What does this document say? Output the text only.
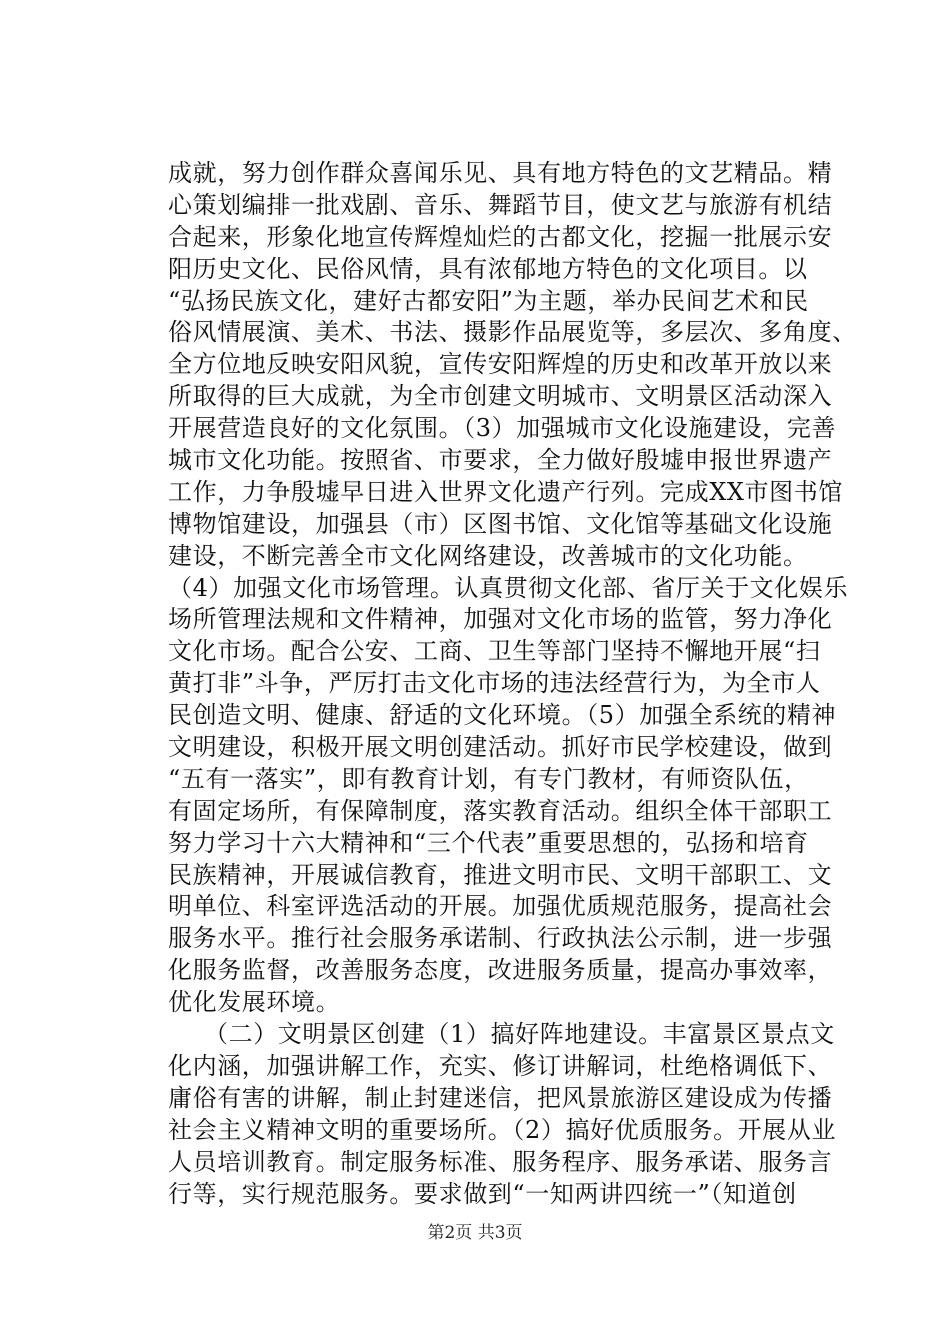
成就，努力创作群众喜闻乐见、具有地方特色的文艺精品。精
心策划编排一批戏剧、音乐、舞蹈节目，使文艺与旅游有机结
合起来，形象化地宣传辉煌灿烂的古都文化，挖掘一批展示安
阳历史文化、民俗风情，具有浓郁地方特色的文化项目。以
“弘扬民族文化，建好古都安阳”为主题，举办民间艺术和民
俗风情展演、美术、书法、摄影作品展览等，多层次、多角度、
全方位地反映安阳风貌，宣传安阳辉煌的历史和改革开放以来
所取得的巨大成就，为全市创建文明城市、文明景区活动深入
开展营造良好的文化氛围。（3）加强城市文化设施建设，完善
城市文化功能。按照省、市要求，全力做好殷墟申报世界遗产
工作，力争殷墟早日进入世界文化遗产行列。完成XX市图书馆
博物馆建设，加强县（市）区图书馆、文化馆等基础文化设施
建设，不断完善全市文化网络建设，改善城市的文化功能。
（4）加强文化市场管理。认真贯彻文化部、省厅关于文化娱乐
场所管理法规和文件精神，加强对文化市场的监管，努力净化
文化市场。配合公安、工商、卫生等部门坚持不懈地开展“扫
黄打非”斗争，严厉打击文化市场的违法经营行为，为全市人
民创造文明、健康、舒适的文化环境。（5）加强全系统的精神
文明建设，积极开展文明创建活动。抓好市民学校建设，做到
“五有一落实”，即有教育计划，有专门教材，有师资队伍，
有固定场所，有保障制度，落实教育活动。组织全体干部职工
努力学习十六大精神和“三个代表”重要思想的，弘扬和培育
民族精神，开展诚信教育，推进文明市民、文明干部职工、文
明单位、科室评选活动的开展。加强优质规范服务，提高社会
服务水平。推行社会服务承诺制、行政执法公示制，进一步强
化服务监督，改善服务态度，改进服务质量，提高办事效率，
优化发展环境。
（二）文明景区创建（1）搞好阵地建设。丰富景区景点文
化内涵，加强讲解工作，充实、修订讲解词，杜绝格调低下、
庸俗有害的讲解，制止封建迷信，把风景旅游区建设成为传播
社会主义精神文明的重要场所。（2）搞好优质服务。开展从业
人员培训教育。制定服务标准、服务程序、服务承诺、服务言
行等，实行规范服务。要求做到“一知两讲四统一”（知道创
第2页 共3页
